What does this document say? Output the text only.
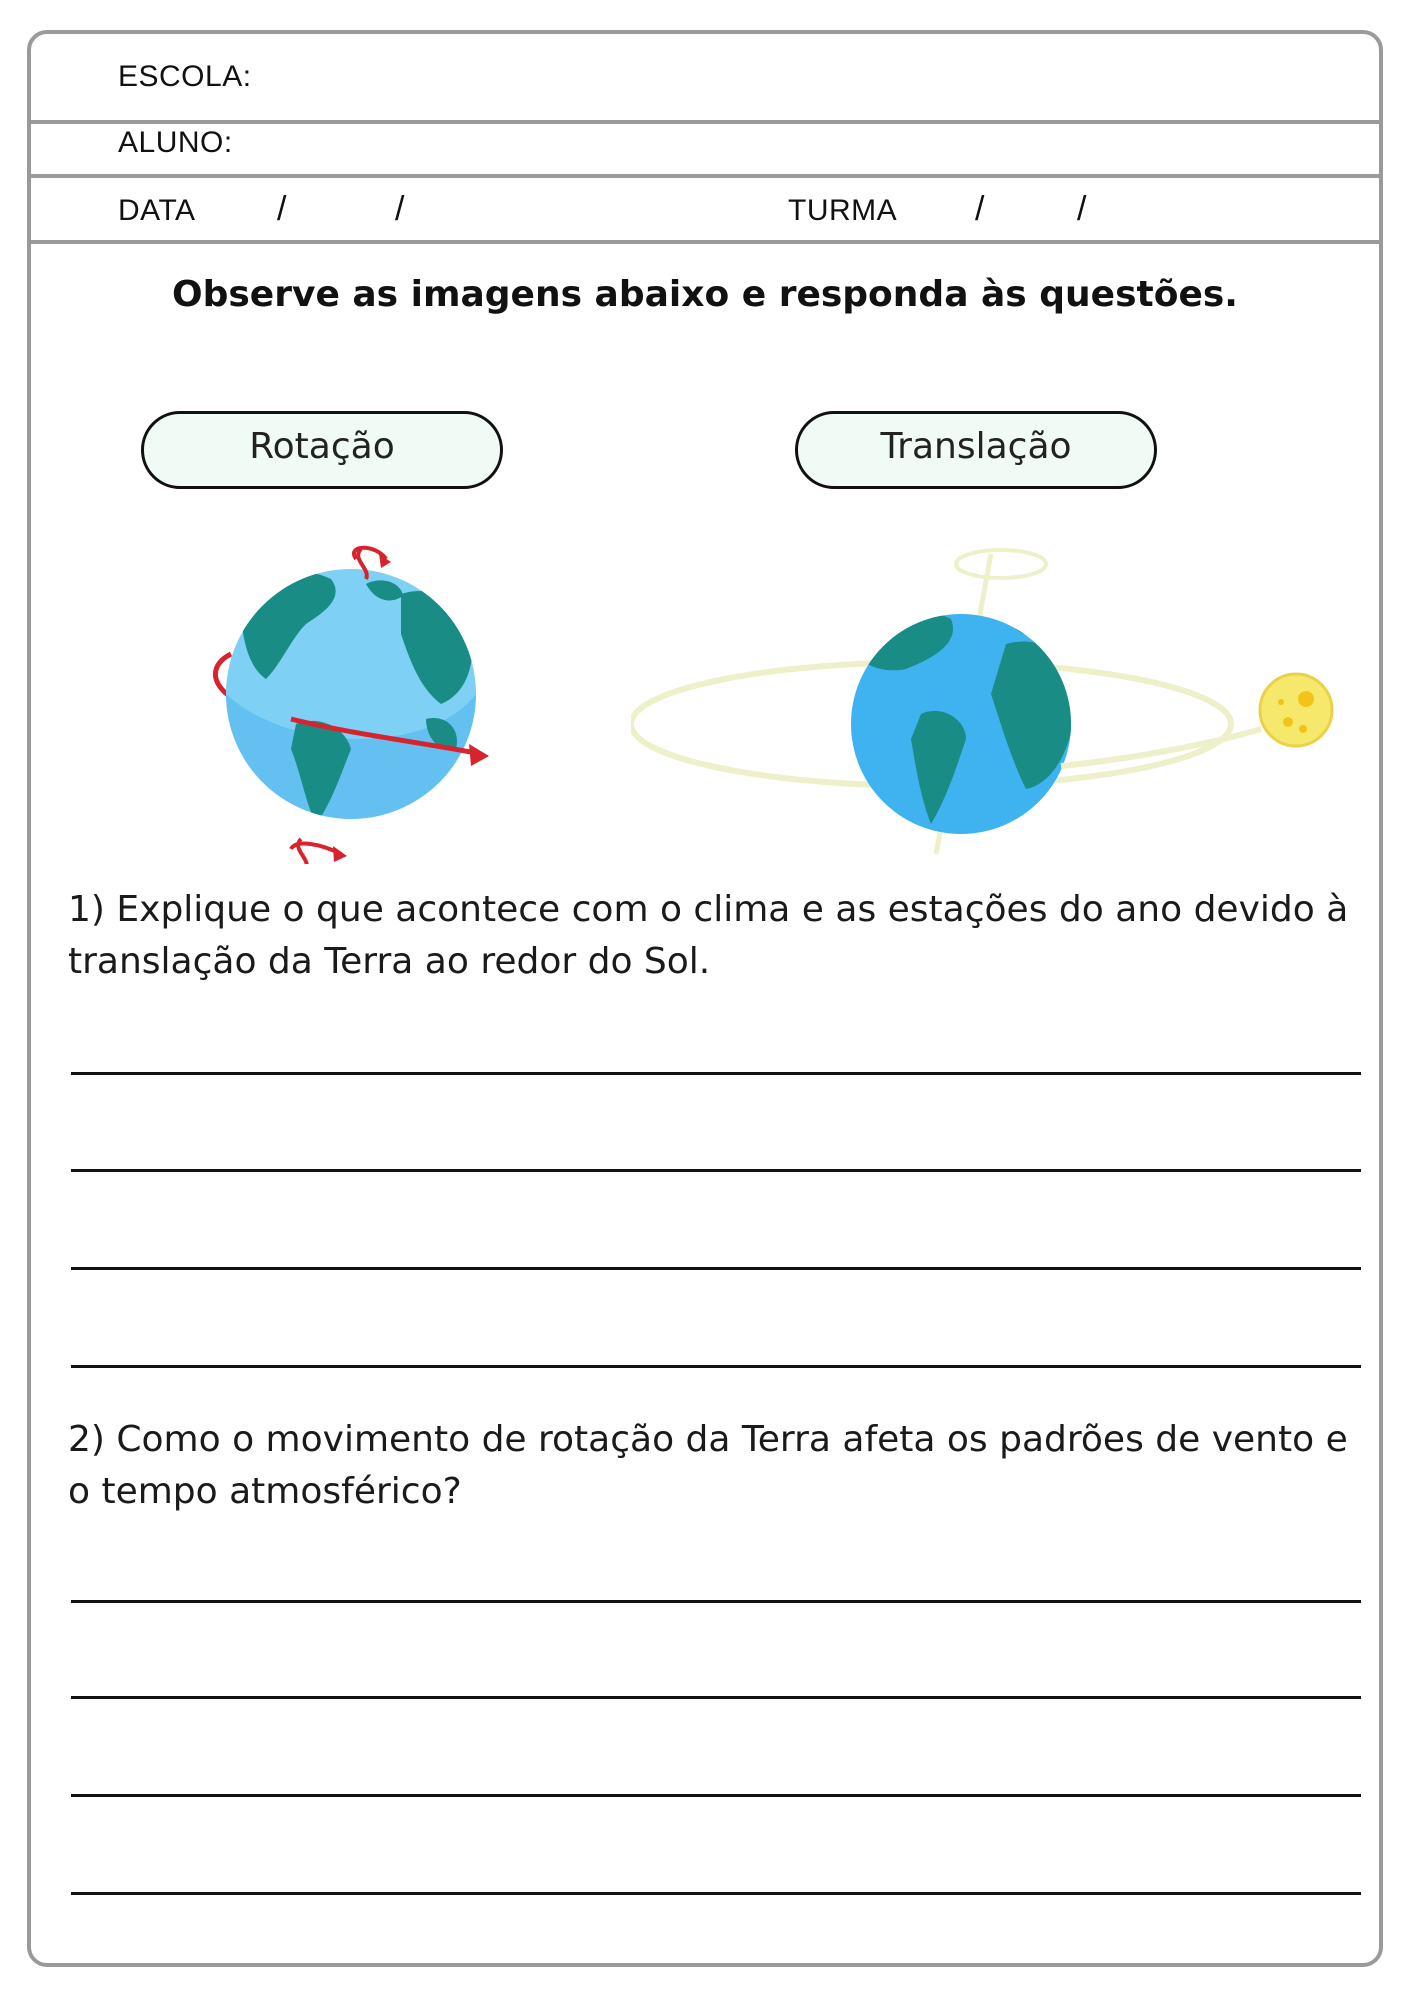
ESCOLA:
ALUNO:
DATA /	/	TURMA /	/
Observe as imagens abaixo e responda às questões.
Rotação	Translação
1) Explique o que acontece com o clima e as estações do ano devido à translação da Terra ao redor do Sol.
2) Como o movimento de rotação da Terra afeta os padrões de vento e o tempo atmosférico?
